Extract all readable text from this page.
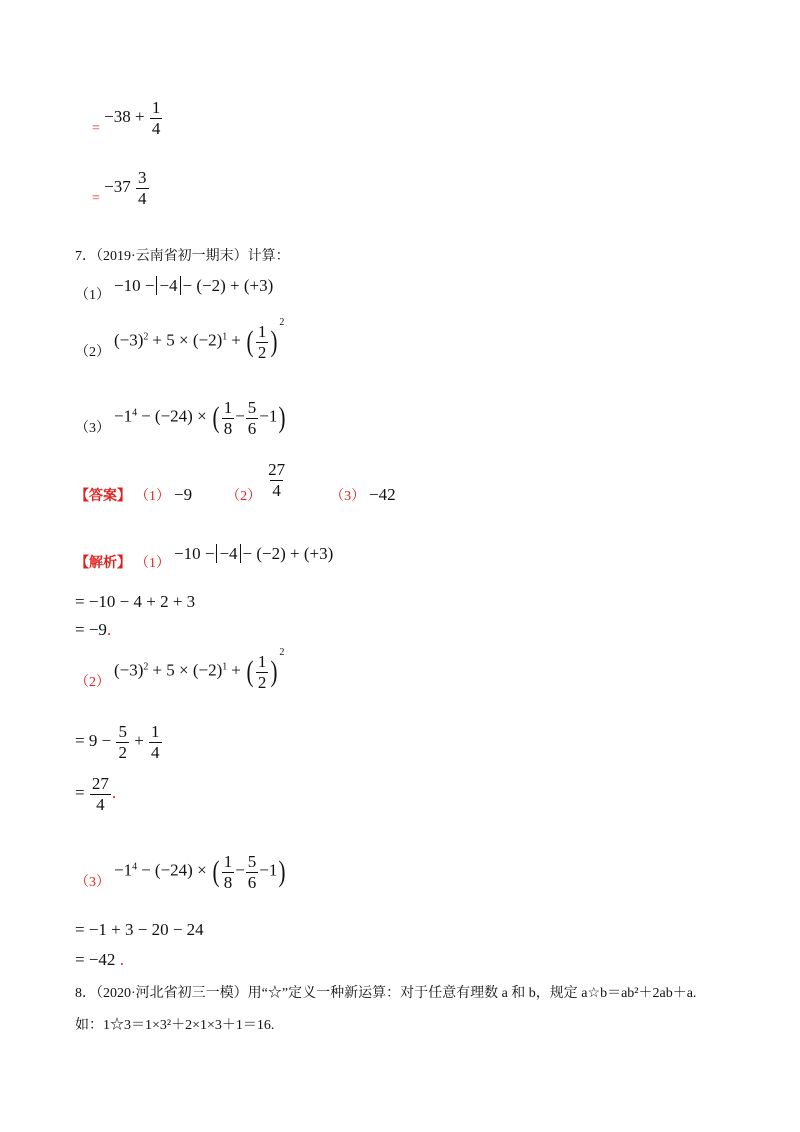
$_= -38 + \frac{1}{4}$
$_= -37 \frac{3}{4}$
7．（2019·云南省初一期末）计算：
（1） −10 − −4 − (−2) + (+3)
（2） $(-3)^2 + 5 \times (-2)^1$ + ( $\frac{1}{2} )^2$
$(3) -1^4 - (-24)$ × ( $\frac{1}{8} - \frac{5}{6} -1$)
【答案】 （1） −9 $(2) \frac{27}{4}$	（3） −42
【解析】 （1） −10 − −4 − (−2) + (+3)
= −10 − 4 + 2 + 3
= −9.
（2） $(-3)^2 + 5 \times (-2)^1$ + ( $\frac{1}{2} )^2$
= $9 - \frac{5}{2} + \frac{1}{4}$
= $\frac{27}{4}$ .
$(3) -1^4 - (-24)$ × ( $\frac{1}{8} - \frac{5}{6} -1$)
= −1 + 3 − 20 − 24
= −42 .
8．（2020·河北省初三一模）用“☆”定义一种新运算：对于任意有理数 a 和 b，规定 a☆b＝ab²＋2ab＋a.
如：1☆3＝1×3²＋2×1×3＋1＝16.
